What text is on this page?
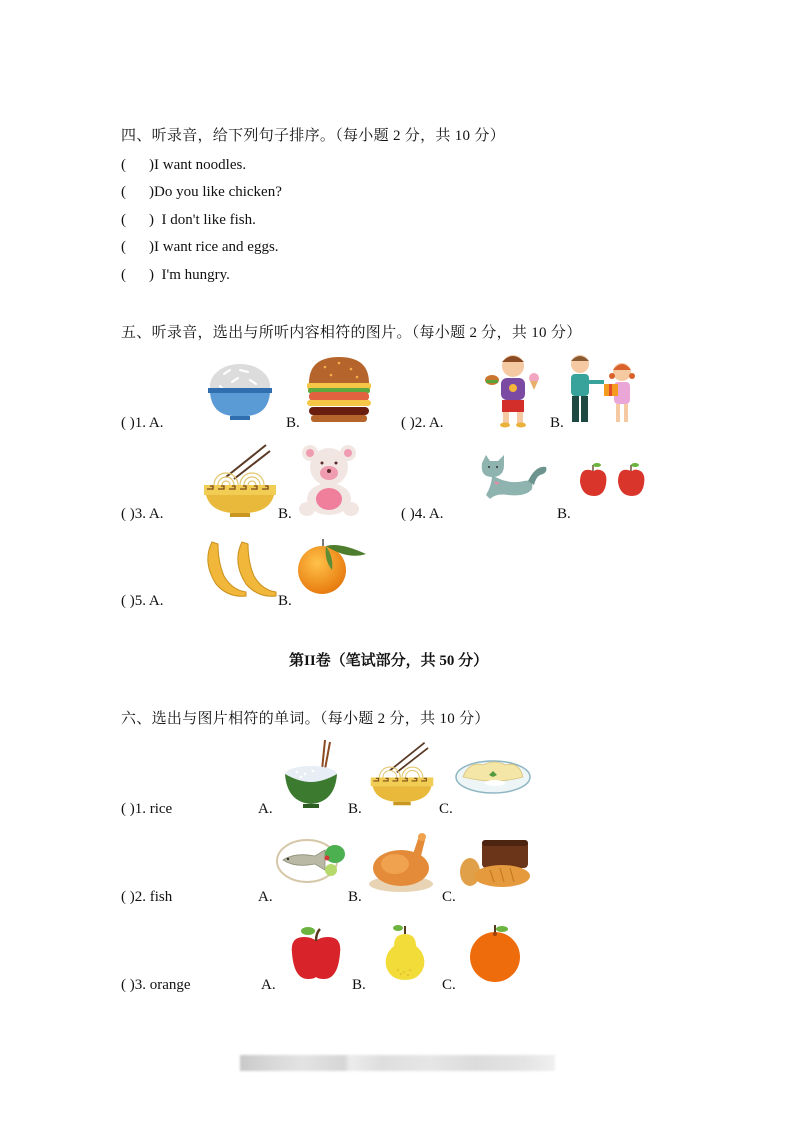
四、听录音，给下列句子排序。（每小题 2 分，共 10 分）
( )I want noodles.
( )Do you like chicken?
( )  I don't like fish.
( )I want rice and eggs.
( )  I'm hungry.
五、听录音，选出与所听内容相符的图片。（每小题 2 分，共 10 分）
( )1. A.	B.	( )2. A.	B.
( )3. A.	B.	( )4. A.	B.
( )5. A.	B.
第II卷（笔试部分，共 50 分）
六、选出与图片相符的单词。（每小题 2 分，共 10 分）
( )1. rice	A.	B.	C.
( )2. fish	A.	B.	C.
( )3. orange	A.	B.	C.
